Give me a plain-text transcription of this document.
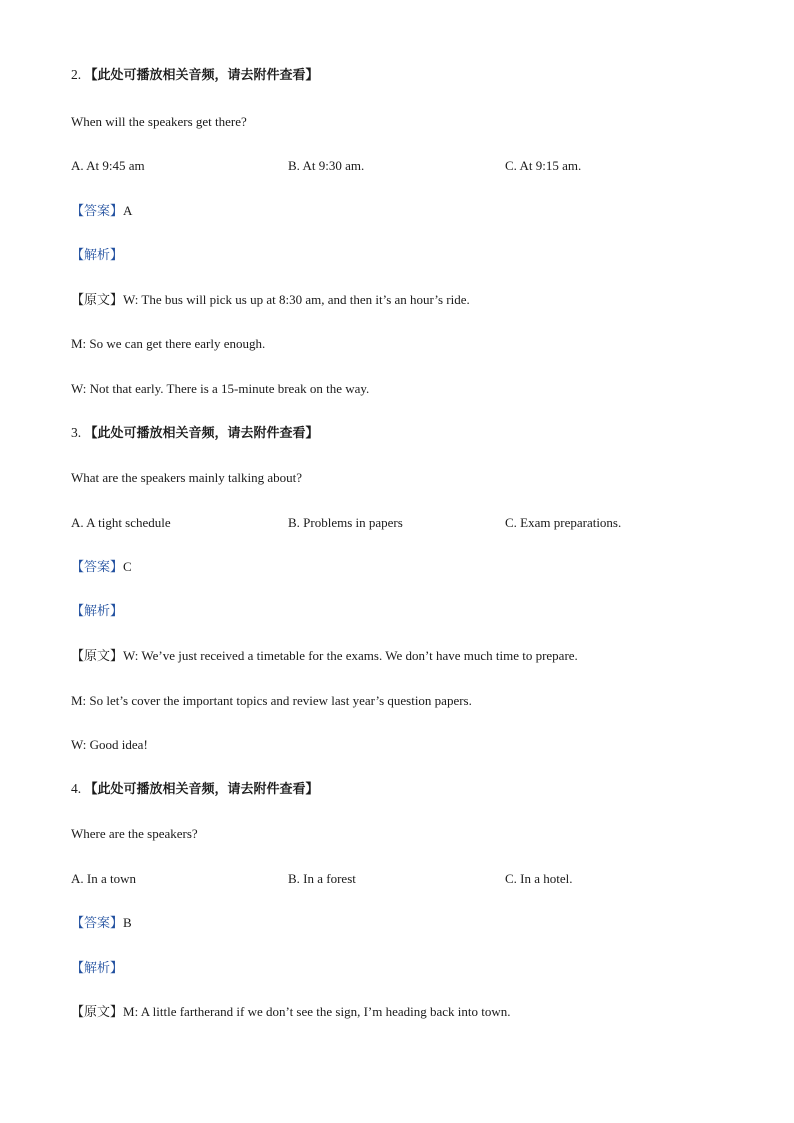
2. 【此处可播放相关音频，请去附件查看】
When will the speakers get there?
A. At 9:45 am	B. At 9:30 am.	C. At 9:15 am.
【答案】A
【解析】
【原文】W: The bus will pick us up at 8:30 am, and then it’s an hour’s ride.
M: So we can get there early enough.
W: Not that early. There is a 15-minute break on the way.
3. 【此处可播放相关音频，请去附件查看】
What are the speakers mainly talking about?
A. A tight schedule	B. Problems in papers	C. Exam preparations.
【答案】C
【解析】
【原文】W: We’ve just received a timetable for the exams. We don’t have much time to prepare.
M: So let’s cover the important topics and review last year’s question papers.
W: Good idea!
4. 【此处可播放相关音频，请去附件查看】
Where are the speakers?
A. In a town	B. In a forest	C. In a hotel.
【答案】B
【解析】
【原文】M: A little fartherand if we don’t see the sign, I’m heading back into town.
